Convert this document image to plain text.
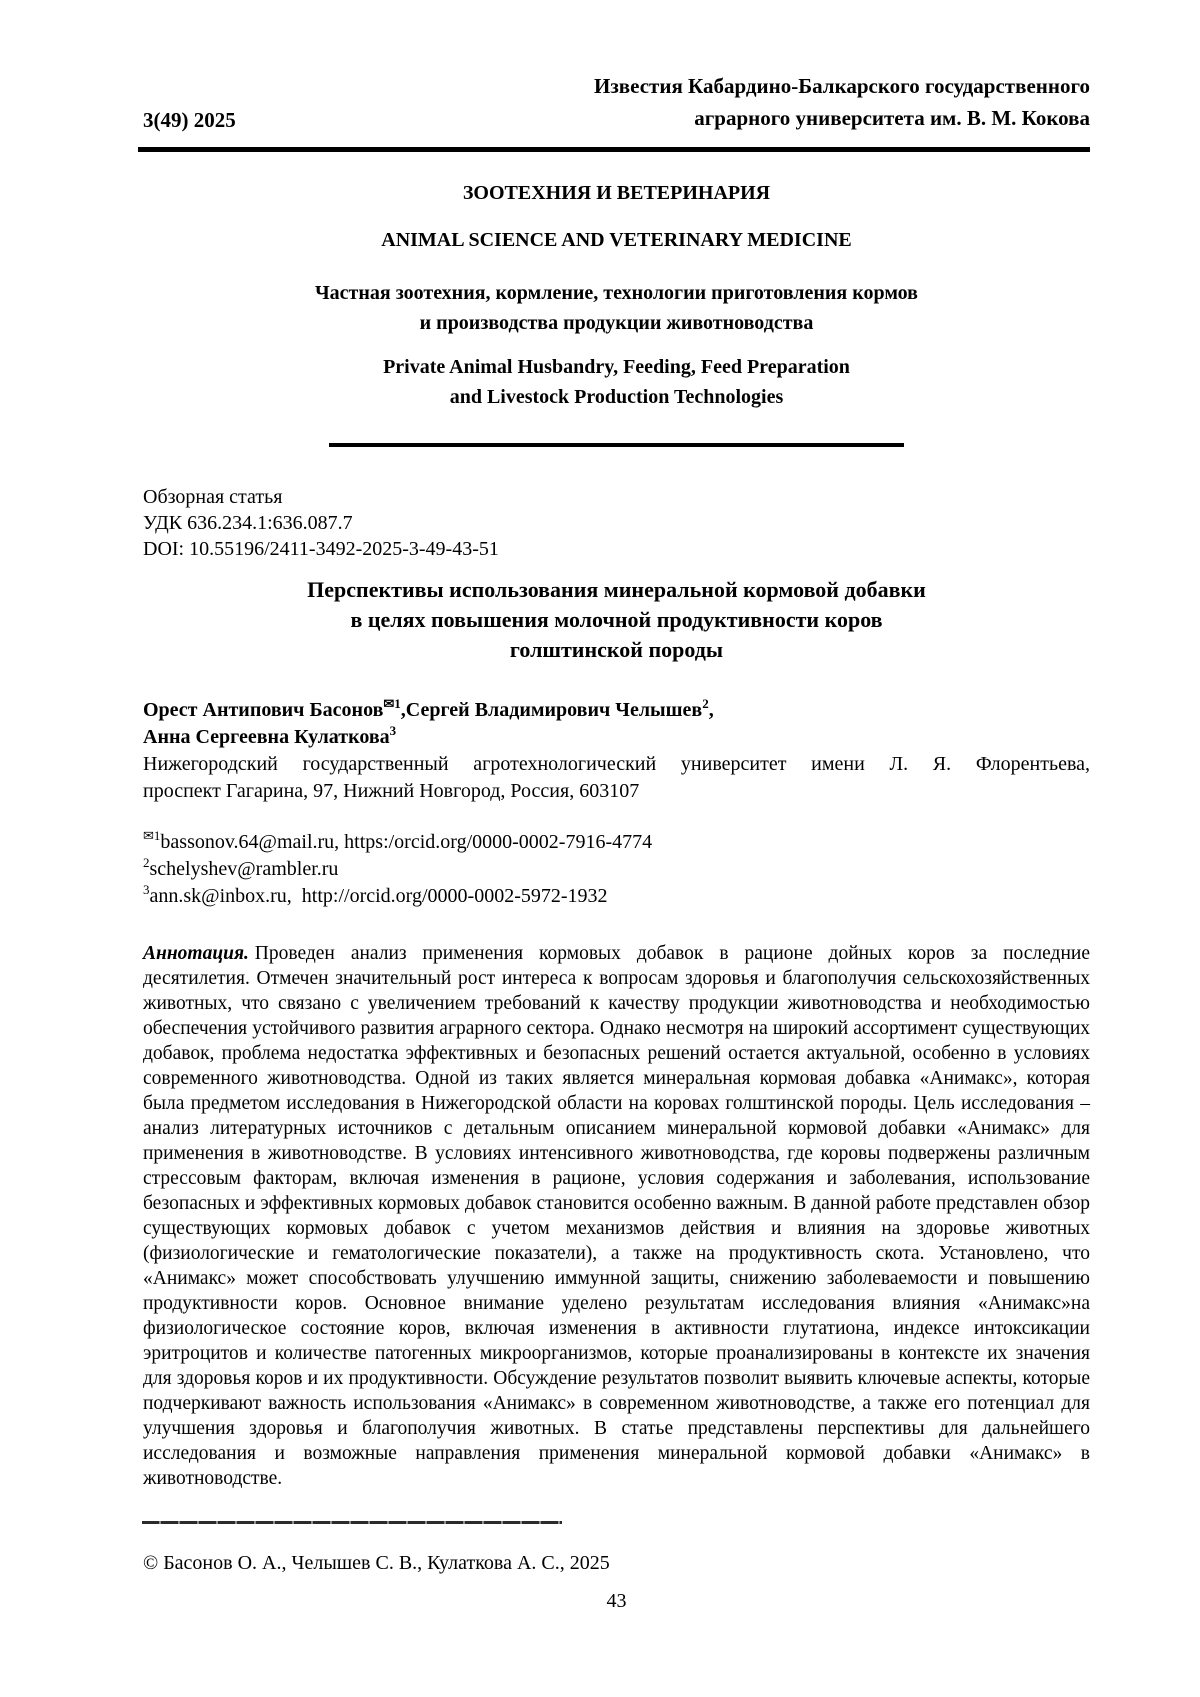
3(49) 2025
Известия Кабардино-Балкарского государственного
аграрного университета им. В. М. Кокова
ЗООТЕХНИЯ И ВЕТЕРИНАРИЯ
ANIMAL SCIENCE AND VETERINARY MEDICINE
Частная зоотехния, кормление, технологии приготовления кормов
и производства продукции животноводства
Private Animal Husbandry, Feeding, Feed Preparation
and Livestock Production Technologies
Обзорная статья
УДК 636.234.1:636.087.7
DOI: 10.55196/2411-3492-2025-3-49-43-51
Перспективы использования минеральной кормовой добавки
в целях повышения молочной продуктивности коров
голштинской породы
Орест Антипович Басонов$^{✉1}$,Сергей Владимирович Челышев$^2$,
Анна Сергеевна Кулаткова$^3$
Нижегородский государственный агротехнологический университет имени Л. Я. Флорентьева,
проспект Гагарина, 97, Нижний Новгород, Россия, 603107
$^{✉1}$bassonov.64@mail.ru, https:/orcid.org/0000-0002-7916-4774
$^2$schelyshev@rambler.ru
$^3$ann.sk@inbox.ru,  http://orcid.org/0000-0002-5972-1932
Аннотация. Проведен анализ применения кормовых добавок в рационе дойных коров за последние десятилетия. Отмечен значительный рост интереса к вопросам здоровья и благополучия сельскохозяйственных животных, что связано с увеличением требований к качеству продукции животноводства и необходимостью обеспечения устойчивого развития аграрного сектора. Однако несмотря на широкий ассортимент существующих добавок, проблема недостатка эффективных и безопасных решений остается актуальной, особенно в условиях современного животноводства. Одной из таких является минеральная кормовая добавка «Анимакс», которая была предметом исследования в Нижегородской области на коровах голштинской породы. Цель исследования – анализ литературных источников с детальным описанием минеральной кормовой добавки «Анимакс» для применения в животноводстве. В условиях интенсивного животноводства, где коровы подвержены различным стрессовым факторам, включая изменения в рационе, условия содержания и заболевания, использование безопасных и эффективных кормовых добавок становится особенно важным. В данной работе представлен обзор существующих кормовых добавок с учетом механизмов действия и влияния на здоровье животных (физиологические и гематологические показатели), а также на продуктивность скота. Установлено, что «Анимакс» может способствовать улучшению иммунной защиты, снижению заболеваемости и повышению продуктивности коров. Основное внимание уделено результатам исследования влияния «Анимакс»на физиологическое состояние коров, включая изменения в активности глутатиона, индексе интоксикации эритроцитов и количестве патогенных микроорганизмов, которые проанализированы в контексте их значения для здоровья коров и их продуктивности. Обсуждение результатов позволит выявить ключевые аспекты, которые подчеркивают важность использования «Анимакс» в современном животноводстве, а также его потенциал для улучшения здоровья и благополучия животных. В статье представлены перспективы для дальнейшего исследования и возможные направления применения минеральной кормовой добавки «Анимакс» в животноводстве.
© Басонов О. А., Челышев С. В., Кулаткова А. С., 2025
43
